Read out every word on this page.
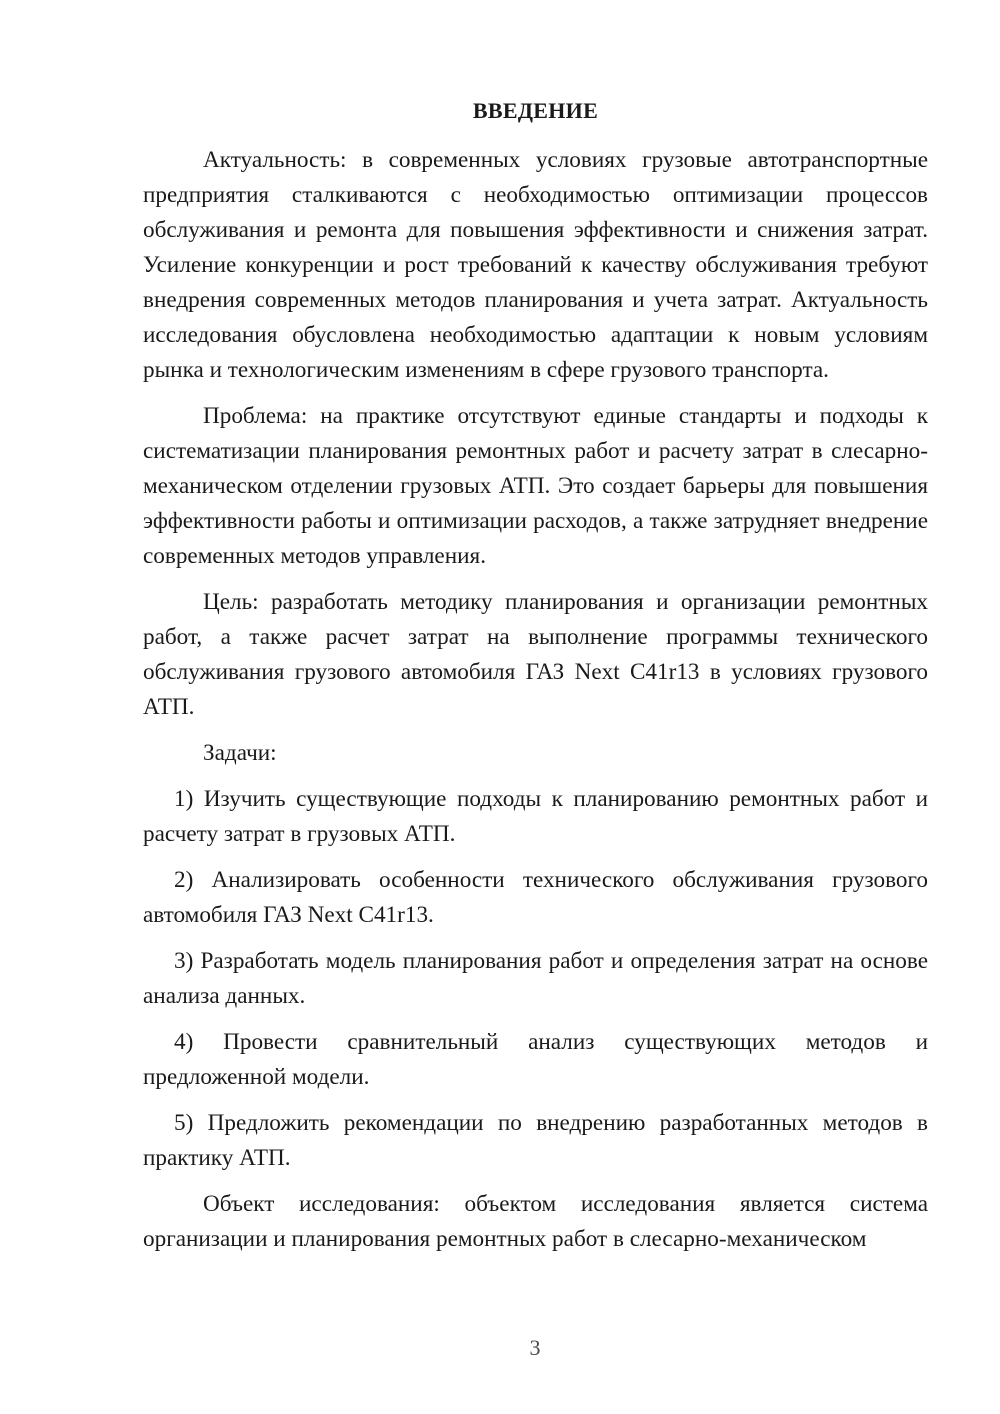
ВВЕДЕНИЕ

Актуальность: в современных условиях грузовые автотранспортные предприятия сталкиваются с необходимостью оптимизации процессов обслуживания и ремонта для повышения эффективности и снижения затрат. Усиление конкуренции и рост требований к качеству обслуживания требуют внедрения современных методов планирования и учета затрат. Актуальность исследования обусловлена необходимостью адаптации к новым условиям рынка и технологическим изменениям в сфере грузового транспорта.

Проблема: на практике отсутствуют единые стандарты и подходы к систематизации планирования ремонтных работ и расчету затрат в слесарно-механическом отделении грузовых АТП. Это создает барьеры для повышения эффективности работы и оптимизации расходов, а также затрудняет внедрение современных методов управления.

Цель: разработать методику планирования и организации ремонтных работ, а также расчет затрат на выполнение программы технического обслуживания грузового автомобиля ГАЗ Next С41r13 в условиях грузового АТП.

Задачи:

1) Изучить существующие подходы к планированию ремонтных работ и расчету затрат в грузовых АТП.

2) Анализировать особенности технического обслуживания грузового автомобиля ГАЗ Next С41r13.

3) Разработать модель планирования работ и определения затрат на основе анализа данных.

4) Провести сравнительный анализ существующих методов и предложенной модели.

5) Предложить рекомендации по внедрению разработанных методов в практику АТП.

Объект исследования: объектом исследования является система организации и планирования ремонтных работ в слесарно-механическом

3
